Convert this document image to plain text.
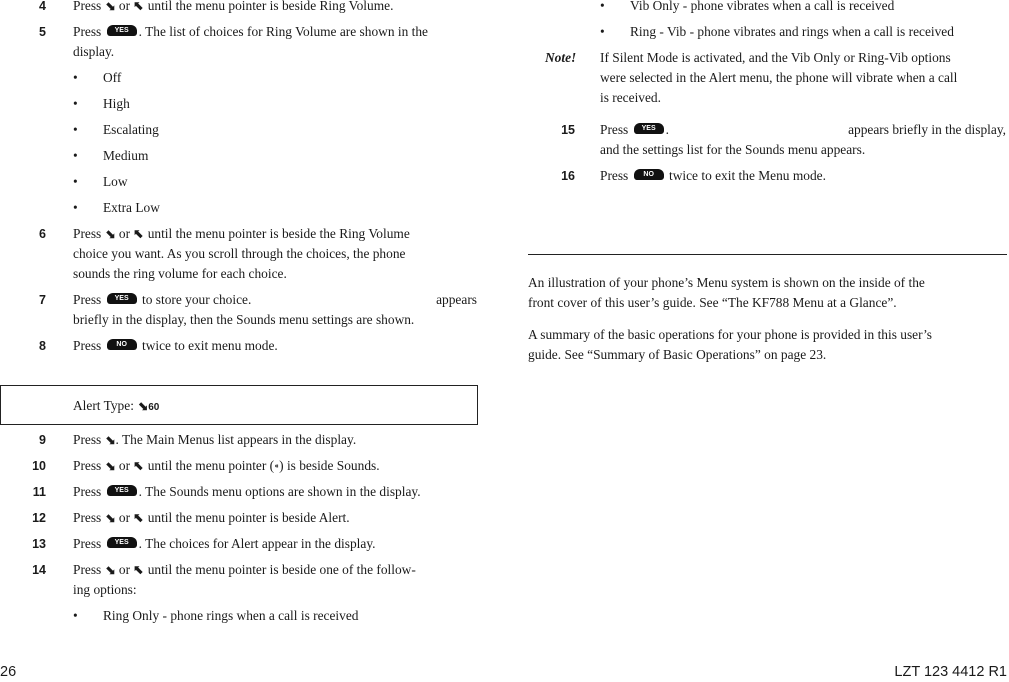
4 Press ⬊ or ⬉ until the menu pointer is beside Ring Volume.
5 Press YES . The list of choices for Ring Volume are shown in the
display.
• Off
• High
• Escalating
• Medium
• Low
• Extra Low
6 Press ⬊ or ⬉ until the menu pointer is beside the Ring Volume
choice you want. As you scroll through the choices, the phone
sounds the ring volume for each choice.
7 Press YES to store your choice.	appears
briefly in the display, then the Sounds menu settings are shown.
8 Press NO twice to exit menu mode.
Alert Type: ⬊60
9 Press ⬊. The Main Menus list appears in the display.
10 Press ⬊ or ⬉ until the menu pointer (⁌) is beside Sounds.
11 Press YES . The Sounds menu options are shown in the display.
12 Press ⬊ or ⬉ until the menu pointer is beside Alert.
13 Press YES . The choices for Alert appear in the display.
14 Press ⬊ or ⬉ until the menu pointer is beside one of the follow-
ing options:
• Ring Only - phone rings when a call is received
• Vib Only - phone vibrates when a call is received
• Ring - Vib - phone vibrates and rings when a call is received
Note! If Silent Mode is activated, and the Vib Only or Ring-Vib options
were selected in the Alert menu, the phone will vibrate when a call
is received.
15 Press YES .	appears briefly in the display,
and the settings list for the Sounds menu appears.
16 Press NO twice to exit the Menu mode.
An illustration of your phone’s Menu system is shown on the inside of the
front cover of this user’s guide. See “The KF788 Menu at a Glance”.
A summary of the basic operations for your phone is provided in this user’s
guide. See “Summary of Basic Operations” on page 23.
26	LZT 123 4412 R1
